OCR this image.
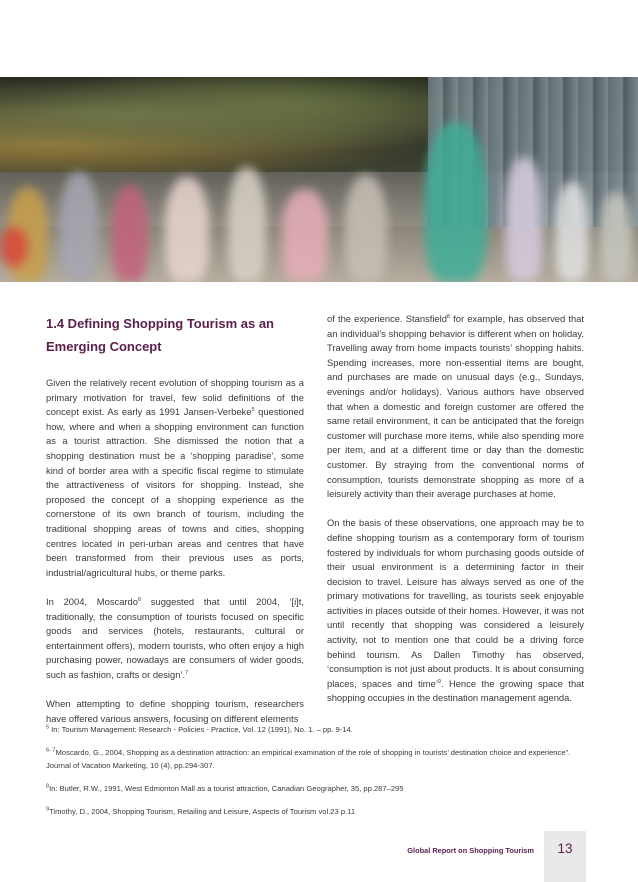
1.4 Defining Shopping Tourism as an Emerging Concept

Given the relatively recent evolution of shopping tourism as a primary motivation for travel, few solid definitions of the concept exist. As early as 1991 Jansen-Verbeke$^5$ questioned how, where and when a shopping environment can function as a tourist attraction. She dismissed the notion that a shopping destination must be a ‘shopping paradise’, some kind of border area with a specific fiscal regime to stimulate the attractiveness of visitors for shopping. Instead, she proposed the concept of a shopping experience as the cornerstone of its own branch of tourism, including the traditional shopping areas of towns and cities, shopping centres located in peri-urban areas and centres that have been transformed from their previous uses as ports, industrial/agricultural hubs, or theme parks.

In 2004, Moscardo$^6$ suggested that until 2004, ‘[i]t, traditionally, the consumption of tourists focused on specific goods and services (hotels, restaurants, cultural or entertainment offers), modern tourists, who often enjoy a high purchasing power, nowadays are consumers of wider goods, such as fashion, crafts or design’.$^7$

When attempting to define shopping tourism, researchers have offered various answers, focusing on different elements

of the experience. Stansfield$^8$ for example, has observed that an individual’s shopping behavior is different when on holiday. Travelling away from home impacts tourists’ shopping habits. Spending increases, more non-essential items are bought, and purchases are made on unusual days (e.g., Sundays, evenings and/or holidays). Various authors have observed that when a domestic and foreign customer are offered the same retail environment, it can be anticipated that the foreign customer will purchase more items, while also spending more per item, and at a different time or day than the domestic customer. By straying from the conventional norms of consumption, tourists demonstrate shopping as more of a leisurely activity than their average purchases at home.

On the basis of these observations, one approach may be to define shopping tourism as a contemporary form of tourism fostered by individuals for whom purchasing goods outside of their usual environment is a determining factor in their decision to travel. Leisure has always served as one of the primary motivations for travelling, as tourists seek enjoyable activities in places outside of their homes. However, it was not until recently that shopping was considered a leisurely activity, not to mention one that could be a driving force behind tourism. As Dallen Timothy has observed, ‘consumption is not just about products. It is about consuming places, spaces and time’$^9$. Hence the growing space that shopping occupies in the destination management agenda.

$^5$ In: Tourism Management: Research - Policies - Practice, Vol. 12 (1991), No. 1. – pp. 9-14.

$^{6- 7}$Moscardo, G., 2004, Shopping as a destination attraction: an empirical examination of the role of shopping in tourists’ destination choice and experience”. Journal of Vacation Marketing, 10 (4), pp.294-307.

$^8$In: Butler, R.W., 1991, West Edmonton Mall as a tourist attraction, Canadian Geographer, 35, pp.287–295

$^9$Timothy, D., 2004, Shopping Tourism, Retailing and Leisure, Aspects of Tourism vol.23 p.11

Global Report on Shopping Tourism	13
